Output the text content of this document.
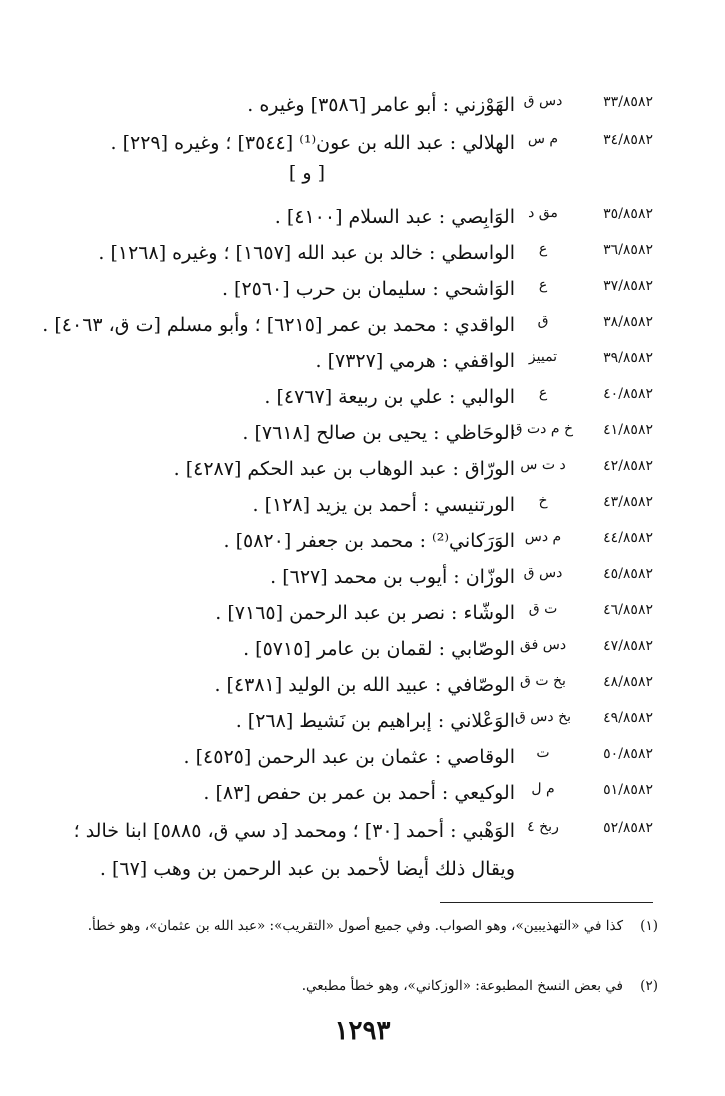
٣٣/٨٥٨٢
دس ق
الهَوْزني : أبو عامر [٣٥٨٦] وغيره .
٣٤/٨٥٨٢
م س
الهلالي : عبد الله بن عون⁽¹⁾ [٣٥٤٤] ؛ وغيره [٢٢٩] .
[ و ]
٣٥/٨٥٨٢
مق د
الوَابِصي : عبد السلام [٤١٠٠] .
٣٦/٨٥٨٢
ع
الواسطي : خالد بن عبد الله [١٦٥٧] ؛ وغيره [١٢٦٨] .
٣٧/٨٥٨٢
ع
الوَاشحي : سليمان بن حرب [٢٥٦٠] .
٣٨/٨٥٨٢
ق
الواقدي : محمد بن عمر [٦٢١٥] ؛ وأبو مسلم [ت ق، ٤٠٦٣] .
٣٩/٨٥٨٢
تمييز
الواقفي : هرمي [٧٣٢٧] .
٤٠/٨٥٨٢
ع
الوالبي : علي بن ربيعة [٤٧٦٧] .
٤١/٨٥٨٢
خ م دت ق
الوحَاظي : يحيى بن صالح [٧٦١٨] .
٤٢/٨٥٨٢
د ت س
الورّاق : عبد الوهاب بن عبد الحكم [٤٢٨٧] .
٤٣/٨٥٨٢
خ
الورتنيسي : أحمد بن يزيد [١٢٨] .
٤٤/٨٥٨٢
م دس
الوَرَكاني⁽²⁾ : محمد بن جعفر [٥٨٢٠] .
٤٥/٨٥٨٢
دس ق
الوزّان : أيوب بن محمد [٦٢٧] .
٤٦/٨٥٨٢
ت ق
الوشّاء : نصر بن عبد الرحمن [٧١٦٥] .
٤٧/٨٥٨٢
دس فق
الوصّابي : لقمان بن عامر [٥٧١٥] .
٤٨/٨٥٨٢
بخ ت ق
الوصّافي : عبيد الله بن الوليد [٤٣٨١] .
٤٩/٨٥٨٢
بخ دس ق
الوَعْلاني : إبراهيم بن نَشيط [٢٦٨] .
٥٠/٨٥٨٢
ت
الوقاصي : عثمان بن عبد الرحمن [٤٥٢٥] .
٥١/٨٥٨٢
م ل
الوكيعي : أحمد بن عمر بن حفص [٨٣] .
٥٢/٨٥٨٢
ربخ ٤
الوَهْبي : أحمد [٣٠] ؛ ومحمد [د سي ق، ٥٨٨٥] ابنا خالد ؛
ويقال ذلك أيضا لأحمد بن عبد الرحمن بن وهب [٦٧] .
(١)
كذا في «التهذيبين»، وهو الصواب. وفي جميع أصول «التقريب»: «عبد الله بن عثمان»، وهو خطأ.
(٢)
في بعض النسخ المطبوعة: «الوزكاني»، وهو خطأ مطبعي.
١٢٩٣
